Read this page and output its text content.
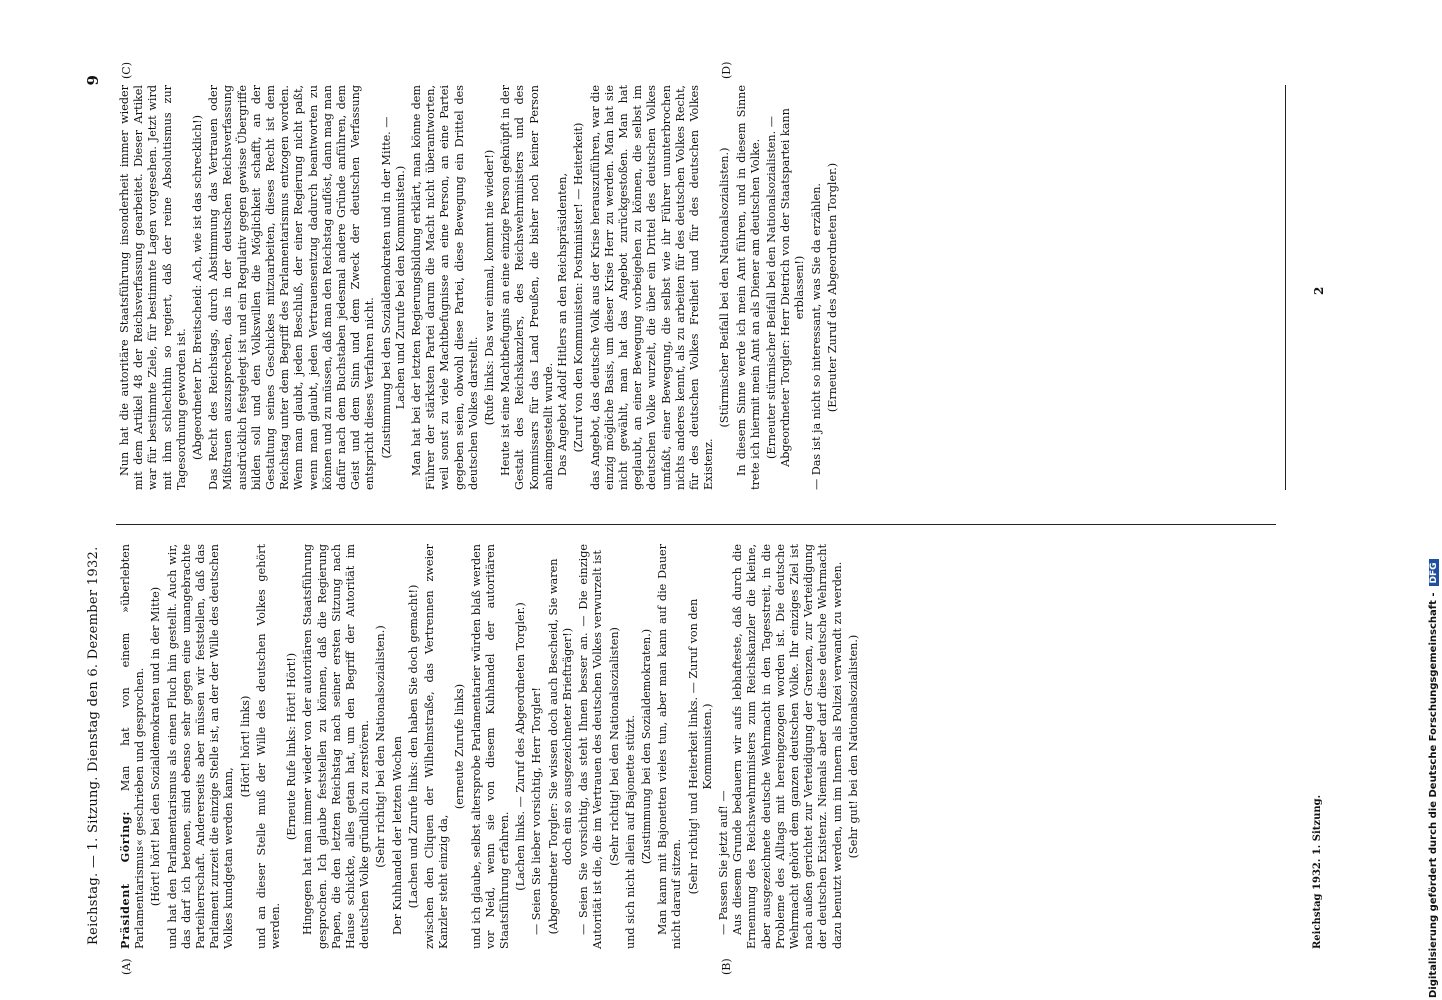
Reichstag. — 1. Sitzung. Dienstag den 6. Dezember 1932.
9
(A)	(B)
(C)	(D)

Präsident Göring: Man hat von einem »überlebten Parlamentarismus« geschrieben und gesprochen. (Hört! hört! bei den Sozialdemokraten und in der Mitte) und hat den Parlamentarismus als einen Fluch hin gestellt. Auch wir, das darf ich betonen, sind ebenso sehr gegen eine umangebrachte Parteiherrschaft. Andererseits aber müssen wir feststellen, daß das Parlament zurzeit die einzige Stelle ist, an der der Wille des deutschen Volkes kundgetan werden kann,

(Hört! hört! links) und an dieser Stelle muß der Wille des deutschen Volkes gehört werden.

(Erneute Rufe links: Hört! Hört!) Hingegen hat man immer wieder von der autoritären Staatsführung gesprochen. Ich glaube feststellen zu können, daß die Regierung Papen, die den letzten Reichstag nach seiner ersten Sitzung nach Hause schickte, alles getan hat, um den Begriff der Autorität im deutschen Volke gründlich zu zerstören. (Sehr richtig! bei den Nationalsozialisten.) Der Kuhhandel der letzten Wochen (Lachen und Zurufe links: den haben Sie doch gemacht!) zwischen den Cliquen der Wilhelmstraße, das Vertrennen zweier Kanzler steht einzig da,

(erneute Zurufe links) und ich glaube, selbst altersprobe Parlamentarier würden blaß werden vor Neid, wenn sie von diesem Kuhhandel der autoritären Staatsführung erfahren. (Lachen links. — Zuruf des Abgeordneten Torgler.) — Seien Sie lieber vorsichtig, Herr Torgler! (Abgeordneter Torgler: Sie wissen doch auch Bescheid, Sie waren doch ein so ausgezeichneter Briefträger!) — Seien Sie vorsichtig, das steht Ihnen besser an. — Die einzige Autorität ist die, die im Vertrauen des deutschen Volkes verwurzelt ist (Sehr richtig! bei den Nationalsozialisten) und sich nicht allein auf Bajonette stützt. (Zustimmung bei den Sozialdemokraten.) Man kann mit Bajonetten vieles tun, aber man kann auf die Dauer nicht darauf sitzen. (Sehr richtig! und Heiterkeit links. — Zuruf von den Kommunisten.)

— Passen Sie jetzt auf! — Aus diesem Grunde bedauern wir aufs lebhafteste, daß durch die Ernennung des Reichswehrministers zum Reichskanzler die kleine, aber ausgezeichnete deutsche Wehrmacht in den Tagesstreit, in die Probleme des Alltags mit hereingezogen worden ist. Die deutsche Wehrmacht gehört dem ganzen deutschen Volke. Ihr einziges Ziel ist nach außen gerichtet zur Verteidigung der Grenzen, zur Verteidigung der deutschen Existenz. Niemals aber darf diese deutsche Wehrmacht dazu benutzt werden, um im Innern als Polizei verwandt zu werden. (Sehr gut! bei den Nationalsozialisten.)

Nun hat die autoritäre Staatsführung insonderheit immer wieder mit dem Artikel 48 der Reichsverfassung gearbeitet. Dieser Artikel war für bestimmte Ziele, für bestimmte Lagen vorgesehen. Jetzt wird mit ihm schlechthin so regiert, daß der reine Absolutismus zur Tagesordnung geworden ist. (Abgeordneter Dr. Breitscheid: Ach, wie ist das schrecklich!) Das Recht des Reichstags, durch Abstimmung das Vertrauen oder Mißtrauen auszusprechen, das in der deutschen Reichsverfassung ausdrücklich festgelegt ist und ein Regulativ gegen gewisse Übergriffe bilden soll und den Volkswillen die Möglichkeit schafft, an der Gestaltung seines Geschickes mitzuarbeiten, dieses Recht ist dem Reichstag unter dem Begriff des Parlamentarismus entzogen worden. Wenn man glaubt, jeden Beschluß, der einer Regierung nicht paßt, wenn man glaubt, jeden Vertrauensentzug dadurch beantworten zu können und zu müssen, daß man den Reichstag auflöst, dann mag man dafür nach dem Buchstaben jedesmal andere Gründe anführen, dem Geist und dem Sinn und dem Zweck der deutschen Verfassung entspricht dieses Verfahren nicht. (Zustimmung bei den Sozialdemokraten und in der Mitte. — Lachen und Zurufe bei den Kommunisten.) Man hat bei der letzten Regierungsbildung erklärt, man könne dem Führer der stärksten Partei darum die Macht nicht überantworten, weil sonst zu viele Machtbefugnisse an eine Person, an eine Partei gegeben seien, obwohl diese Partei, diese Bewegung ein Drittel des deutschen Volkes darstellt. (Rufe links: Das war einmal, kommt nie wieder!) Heute ist eine Machtbefugnis an eine einzige Person geknüpft in der Gestalt des Reichskanzlers, des Reichswehrministers und des Kommissars für das Land Preußen, die bisher noch keiner Person anheimgestellt wurde. Das Angebot Adolf Hitlers an den Reichspräsidenten, (Zuruf von den Kommunisten: Postminister! — Heiterkeit) das Angebot, das deutsche Volk aus der Krise herauszuführen, war die einzig mögliche Basis, um dieser Krise Herr zu werden. Man hat sie nicht gewählt, man hat das Angebot zurückgestoßen. Man hat geglaubt, an einer Bewegung vorbeigehen zu können, die selbst im deutschen Volke wurzelt, die über ein Drittel des deutschen Volkes umfaßt, einer Bewegung, die selbst wie ihr Führer ununterbrochen nichts anderes kennt, als zu arbeiten für des deutschen Volkes Recht, für des deutschen Volkes Freiheit und für des deutschen Volkes Existenz.

(Stürmischer Beifall bei den Nationalsozialisten.) In diesem Sinne werde ich mein Amt führen, und in diesem Sinne trete ich hiermit mein Amt an als Diener am deutschen Volke. (Erneuter stürmischer Beifall bei den Nationalsozialisten. — Abgeordneter Torgler: Herr Dietrich von der Staatspartei kann erblassen!) — Das ist ja nicht so interessant, was Sie da erzählen. (Erneuter Zuruf des Abgeordneten Torgler.)

Reichstag 1932. 1. Sitzung.
2
Digitalisierung gefördert durch die Deutsche Forschungsgemeinschaft -DFG
